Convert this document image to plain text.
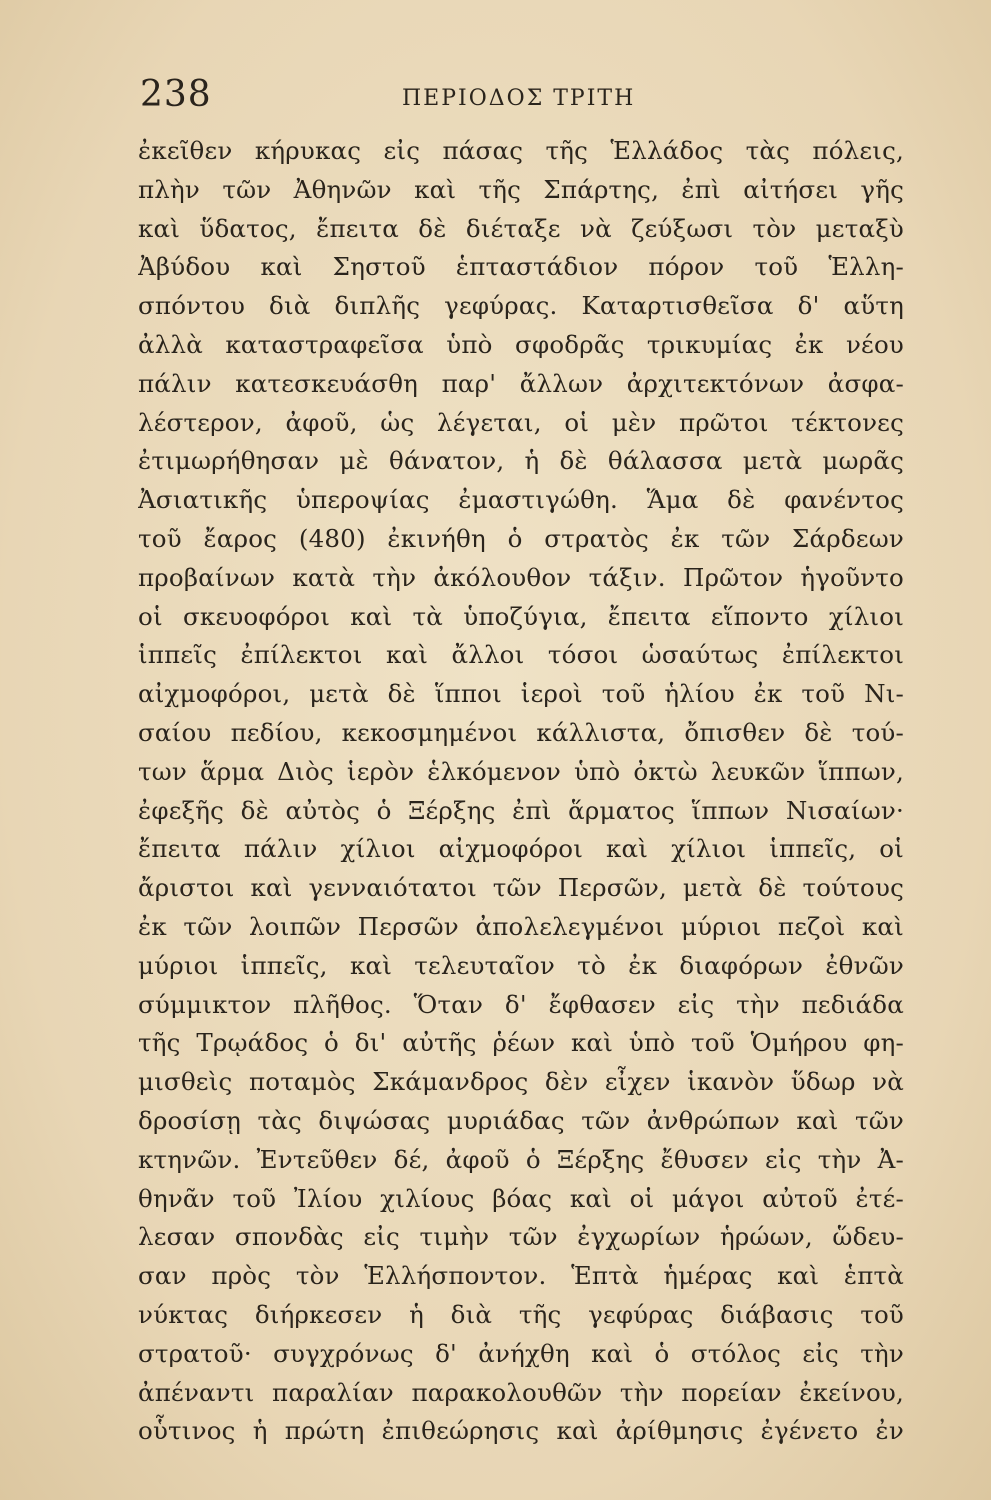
238	ΠΕΡΙΟΔΟΣ ΤΡΙΤΗ
ἐκεῖθεν κήρυκας εἰς πάσας τῆς Ἑλλάδος τὰς πόλεις,
πλὴν τῶν Ἀθηνῶν καὶ τῆς Σπάρτης, ἐπὶ αἰτήσει γῆς
καὶ ὕδατος, ἔπειτα δὲ διέταξε νὰ ζεύξωσι τὸν μεταξὺ
Ἀβύδου καὶ Σηστοῦ ἑπταστάδιον πόρον τοῦ Ἑλλη-
σπόντου διὰ διπλῆς γεφύρας. Καταρτισθεῖσα δ' αὕτη
ἀλλὰ καταστραφεῖσα ὑπὸ σφοδρᾶς τρικυμίας ἐκ νέου
πάλιν κατεσκευάσθη παρ' ἄλλων ἀρχιτεκτόνων ἀσφα-
λέστερον, ἀφοῦ, ὡς λέγεται, οἱ μὲν πρῶτοι τέκτονες
ἐτιμωρήθησαν μὲ θάνατον, ἡ δὲ θάλασσα μετὰ μωρᾶς
Ἀσιατικῆς ὑπεροψίας ἐμαστιγώθη. Ἅμα δὲ φανέντος
τοῦ ἔαρος (480) ἐκινήθη ὁ στρατὸς ἐκ τῶν Σάρδεων
προβαίνων κατὰ τὴν ἀκόλουθον τάξιν. Πρῶτον ἡγοῦντο
οἱ σκευοφόροι καὶ τὰ ὑποζύγια, ἔπειτα εἵποντο χίλιοι
ἱππεῖς ἐπίλεκτοι καὶ ἄλλοι τόσοι ὡσαύτως ἐπίλεκτοι
αἰχμοφόροι, μετὰ δὲ ἵπποι ἱεροὶ τοῦ ἡλίου ἐκ τοῦ Νι-
σαίου πεδίου, κεκοσμημένοι κάλλιστα, ὄπισθεν δὲ τού-
των ἅρμα Διὸς ἱερὸν ἑλκόμενον ὑπὸ ὀκτὼ λευκῶν ἵππων,
ἐφεξῆς δὲ αὐτὸς ὁ Ξέρξης ἐπὶ ἅρματος ἵππων Νισαίων·
ἔπειτα πάλιν χίλιοι αἰχμοφόροι καὶ χίλιοι ἱππεῖς, οἱ
ἄριστοι καὶ γενναιότατοι τῶν Περσῶν, μετὰ δὲ τούτους
ἐκ τῶν λοιπῶν Περσῶν ἀπολελεγμένοι μύριοι πεζοὶ καὶ
μύριοι ἱππεῖς, καὶ τελευταῖον τὸ ἐκ διαφόρων ἐθνῶν
σύμμικτον πλῆθος. Ὅταν δ' ἔφθασεν εἰς τὴν πεδιάδα
τῆς Τρῳάδος ὁ δι' αὐτῆς ῥέων καὶ ὑπὸ τοῦ Ὁμήρου φη-
μισθεὶς ποταμὸς Σκάμανδρος δὲν εἶχεν ἱκανὸν ὕδωρ νὰ
δροσίσῃ τὰς διψώσας μυριάδας τῶν ἀνθρώπων καὶ τῶν
κτηνῶν. Ἐντεῦθεν δέ, ἀφοῦ ὁ Ξέρξης ἔθυσεν εἰς τὴν Ἀ-
θηνᾶν τοῦ Ἰλίου χιλίους βόας καὶ οἱ μάγοι αὐτοῦ ἐτέ-
λεσαν σπονδὰς εἰς τιμὴν τῶν ἐγχωρίων ἡρώων, ὥδευ-
σαν πρὸς τὸν Ἑλλήσποντον. Ἑπτὰ ἡμέρας καὶ ἑπτὰ
νύκτας διήρκεσεν ἡ διὰ τῆς γεφύρας διάβασις τοῦ
στρατοῦ· συγχρόνως δ' ἀνήχθη καὶ ὁ στόλος εἰς τὴν
ἀπέναντι παραλίαν παρακολουθῶν τὴν πορείαν ἐκείνου,
οὗτινος ἡ πρώτη ἐπιθεώρησις καὶ ἀρίθμησις ἐγένετο ἐν
